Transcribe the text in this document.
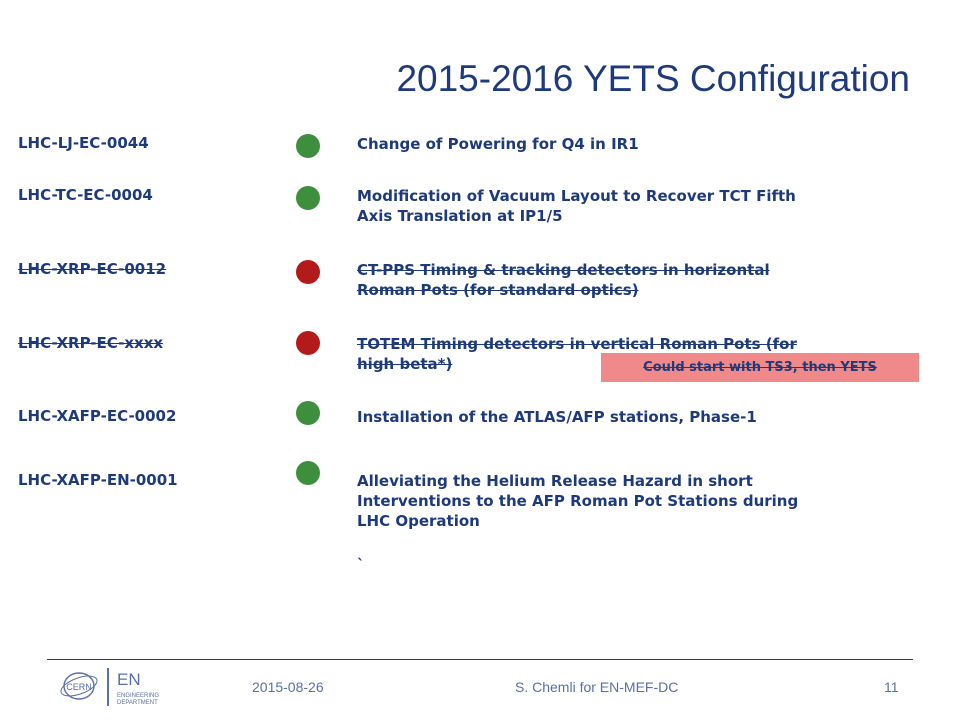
2015-2016 YETS Configuration
LHC-LJ-EC-0044	Change of Powering for Q4 in IR1
LHC-TC-EC-0004	Modification of Vacuum Layout to Recover TCT Fifth
Axis Translation at IP1/5
LHC-XRP-EC-0012	CT-PPS Timing & tracking detectors in horizontal
Roman Pots (for standard optics)
LHC-XRP-EC-xxxx	TOTEM Timing detectors in vertical Roman Pots (for
high beta*)	Could start with TS3, then YETS
LHC-XAFP-EC-0002	Installation of the ATLAS/AFP stations, Phase-1
LHC-XAFP-EN-0001	Alleviating the Helium Release Hazard in short
Interventions to the AFP Roman Pot Stations during
LHC Operation
`
CERN EN
ENGINEERING
DEPARTMENT
2015-08-26	S. Chemli for EN-MEF-DC	11
